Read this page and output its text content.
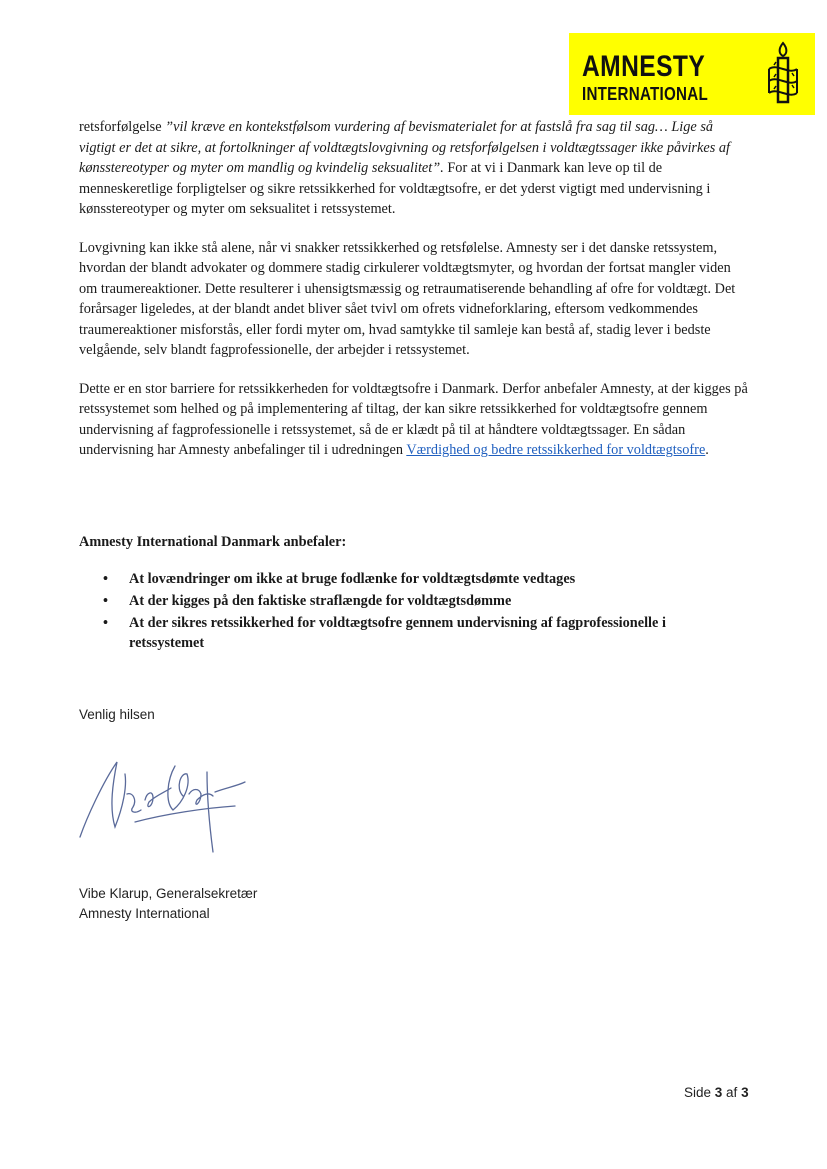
AMNESTY
INTERNATIONAL

retsforfølgelse ”vil kræve en kontekstfølsom vurdering af bevismaterialet for at fastslå fra sag til sag… Lige så vigtigt er det at sikre, at fortolkninger af voldtægtslovgivning og retsforfølgelsen i voldtægtssager ikke påvirkes af kønsstereotyper og myter om mandlig og kvindelig seksualitet”. For at vi i Danmark kan leve op til de menneskeretlige forpligtelser og sikre retssikkerhed for voldtægtsofre, er det yderst vigtigt med undervisning i kønsstereotyper og myter om seksualitet i retssystemet.

Lovgivning kan ikke stå alene, når vi snakker retssikkerhed og retsfølelse. Amnesty ser i det danske retssystem, hvordan der blandt advokater og dommere stadig cirkulerer voldtægtsmyter, og hvordan der fortsat mangler viden om traumereaktioner. Dette resulterer i uhensigtsmæssig og retraumatiserende behandling af ofre for voldtægt. Det forårsager ligeledes, at der blandt andet bliver sået tvivl om ofrets vidneforklaring, eftersom vedkommendes traumereaktioner misforstås, eller fordi myter om, hvad samtykke til samleje kan bestå af, stadig lever i bedste velgående, selv blandt fagprofessionelle, der arbejder i retssystemet.

Dette er en stor barriere for retssikkerheden for voldtægtsofre i Danmark. Derfor anbefaler Amnesty, at der kigges på retssystemet som helhed og på implementering af tiltag, der kan sikre retssikkerhed for voldtægtsofre gennem undervisning af fagprofessionelle i retssystemet, så de er klædt på til at håndtere voldtægtssager. En sådan undervisning har Amnesty anbefalinger til i udredningen Værdighed og bedre retssikkerhed for voldtægtsofre.

Amnesty International Danmark anbefaler:
• At lovændringer om ikke at bruge fodlænke for voldtægtsdømte vedtages
• At der kigges på den faktiske straflængde for voldtægtsdømme
• At der sikres retssikkerhed for voldtægtsofre gennem undervisning af fagprofessionelle i retssystemet
Venlig hilsen
Vibe Klarup, Generalsekretær
Amnesty International
Side 3 af 3
